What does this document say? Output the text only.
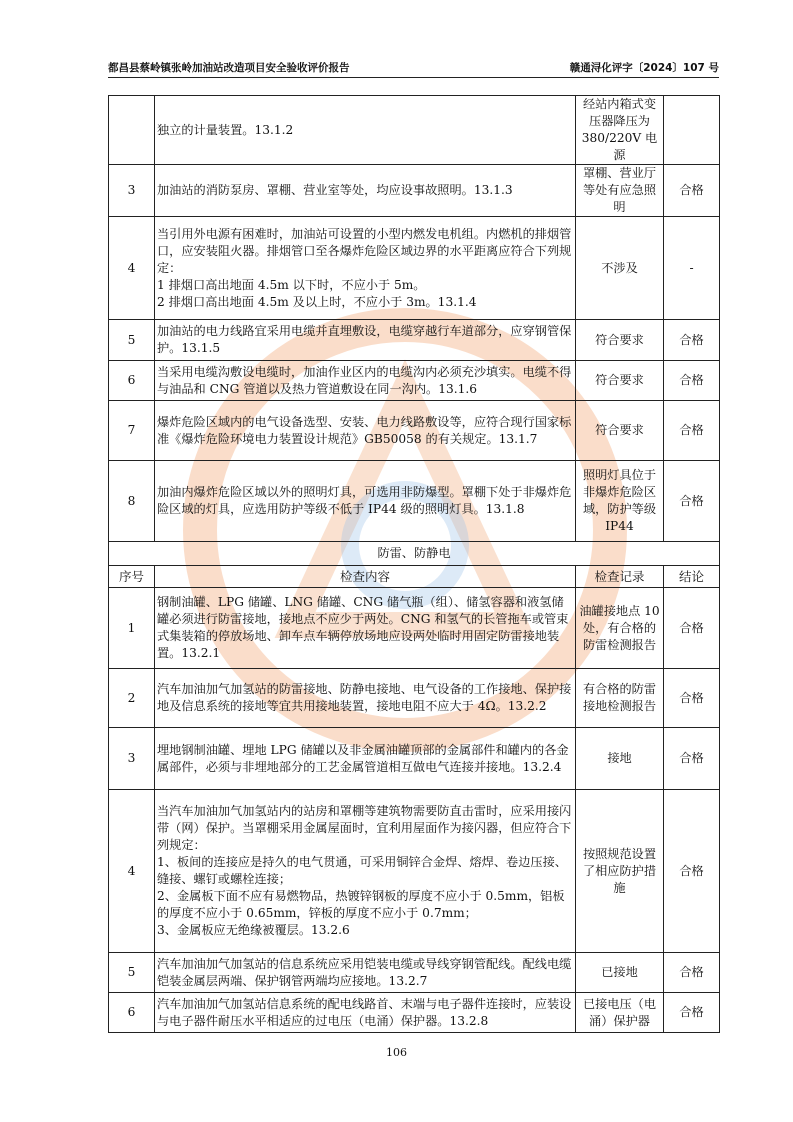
都昌县蔡岭镇张岭加油站改造项目安全验收评价报告	赣通浔化评字〔2024〕107 号
	独立的计量装置。13.1.2	经站内箱式变压器降压为380/220V 电源	
3	加油站的消防泵房、罩棚、营业室等处，均应设事故照明。13.1.3	罩棚、营业厅等处有应急照明	合格
4	当引用外电源有困难时，加油站可设置的小型内燃发电机组。内燃机的排烟管口，应安装阻火器。排烟管口至各爆炸危险区域边界的水平距离应符合下列规定：
1 排烟口高出地面 4.5m 以下时，不应小于 5m。
2 排烟口高出地面 4.5m 及以上时，不应小于 3m。13.1.4	不涉及	-
5	加油站的电力线路宜采用电缆并直埋敷设，电缆穿越行车道部分，应穿钢管保护。13.1.5	符合要求	合格
6	当采用电缆沟敷设电缆时，加油作业区内的电缆沟内必须充沙填实。电缆不得与油品和 CNG 管道以及热力管道敷设在同一沟内。13.1.6	符合要求	合格
7	爆炸危险区域内的电气设备选型、安装、电力线路敷设等，应符合现行国家标准《爆炸危险环境电力装置设计规范》GB50058 的有关规定。13.1.7	符合要求	合格
8	加油内爆炸危险区域以外的照明灯具，可选用非防爆型。罩棚下处于非爆炸危险区域的灯具，应选用防护等级不低于 IP44 级的照明灯具。13.1.8	照明灯具位于非爆炸危险区域，防护等级IP44	合格
防雷、防静电			
序号	检查内容	检查记录	结论
1	钢制油罐、LPG 储罐、LNG 储罐、CNG 储气瓶（组）、储氢容器和液氢储罐必须进行防雷接地，接地点不应少于两处。CNG 和氢气的长管拖车或管束式集装箱的停放场地、卸车点车辆停放场地应设两处临时用固定防雷接地装置。13.2.1	油罐接地点 10处，有合格的防雷检测报告	合格
2	汽车加油加气加氢站的防雷接地、防静电接地、电气设备的工作接地、保护接地及信息系统的接地等宜共用接地装置，接地电阻不应大于 4Ω。13.2.2	有合格的防雷接地检测报告	合格
3	埋地钢制油罐、埋地 LPG 储罐以及非金属油罐顶部的金属部件和罐内的各金属部件，必须与非埋地部分的工艺金属管道相互做电气连接并接地。13.2.4	接地	合格
4	当汽车加油加气加氢站内的站房和罩棚等建筑物需要防直击雷时，应采用接闪带（网）保护。当罩棚采用金属屋面时，宜利用屋面作为接闪器，但应符合下列规定：
1、板间的连接应是持久的电气贯通，可采用铜锌合金焊、熔焊、卷边压接、缝接、螺钉或螺栓连接；
2、金属板下面不应有易燃物品，热镀锌钢板的厚度不应小于 0.5mm，铝板的厚度不应小于 0.65mm，锌板的厚度不应小于 0.7mm；
3、金属板应无绝缘被覆层。13.2.6	按照规范设置了相应防护措施	合格
5	汽车加油加气加氢站的信息系统应采用铠装电缆或导线穿钢管配线。配线电缆铠装金属层两端、保护钢管两端均应接地。13.2.7	已接地	合格
6	汽车加油加气加氢站信息系统的配电线路首、末端与电子器件连接时，应装设与电子器件耐压水平相适应的过电压（电涌）保护器。13.2.8	已接电压（电涌）保护器	合格
106
